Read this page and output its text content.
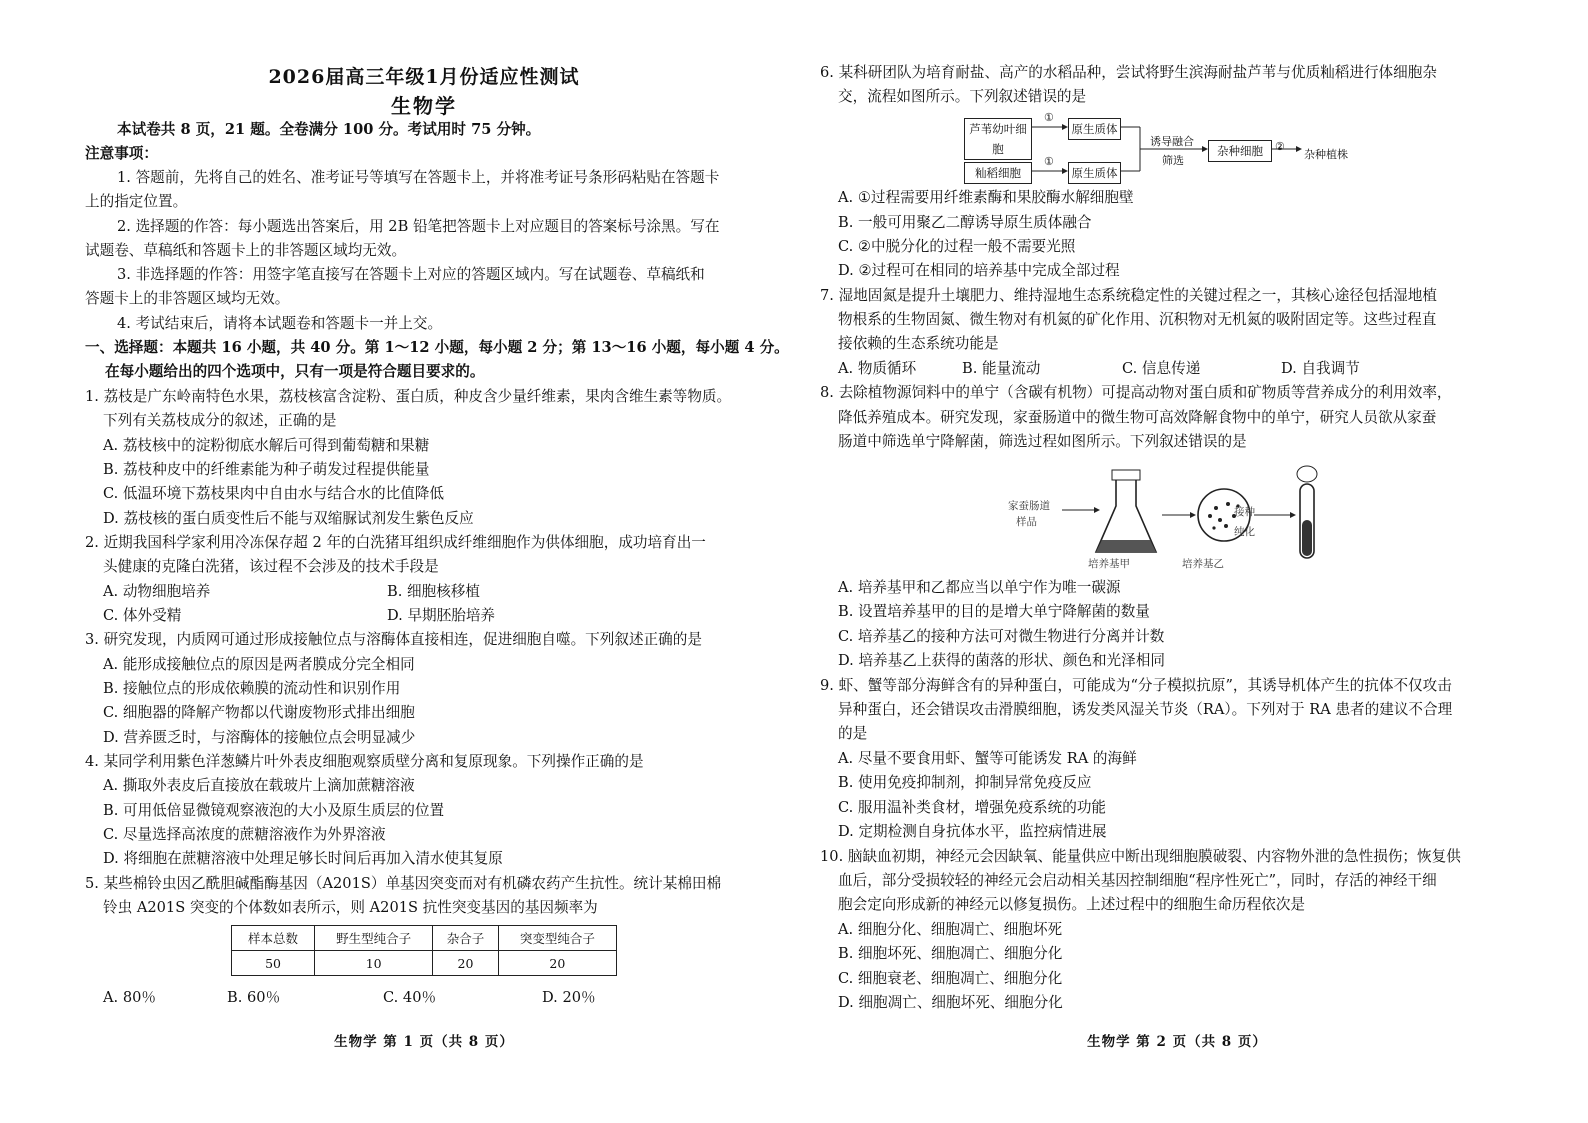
2026届高三年级1月份适应性测试
生物学
本试卷共 8 页，21 题。全卷满分 100 分。考试用时 75 分钟。
注意事项：
1. 答题前，先将自己的姓名、准考证号等填写在答题卡上，并将准考证号条形码粘贴在答题卡
上的指定位置。
2. 选择题的作答：每小题选出答案后，用 2B 铅笔把答题卡上对应题目的答案标号涂黑。写在
试题卷、草稿纸和答题卡上的非答题区域均无效。
3. 非选择题的作答：用签字笔直接写在答题卡上对应的答题区域内。写在试题卷、草稿纸和
答题卡上的非答题区域均无效。
4. 考试结束后，请将本试题卷和答题卡一并上交。
一、选择题：本题共 16 小题，共 40 分。第 1～12 小题，每小题 2 分；第 13～16 小题，每小题 4 分。
在每小题给出的四个选项中，只有一项是符合题目要求的。
1. 荔枝是广东岭南特色水果，荔枝核富含淀粉、蛋白质，种皮含少量纤维素，果肉含维生素等物质。
下列有关荔枝成分的叙述，正确的是
A. 荔枝核中的淀粉彻底水解后可得到葡萄糖和果糖
B. 荔枝种皮中的纤维素能为种子萌发过程提供能量
C. 低温环境下荔枝果肉中自由水与结合水的比值降低
D. 荔枝核的蛋白质变性后不能与双缩脲试剂发生紫色反应
2. 近期我国科学家利用冷冻保存超 2 年的白洗猪耳组织成纤维细胞作为供体细胞，成功培育出一
头健康的克隆白洗猪，该过程不会涉及的技术手段是
A. 动物细胞培养	B. 细胞核移植
C. 体外受精	D. 早期胚胎培养
3. 研究发现，内质网可通过形成接触位点与溶酶体直接相连，促进细胞自噬。下列叙述正确的是
A. 能形成接触位点的原因是两者膜成分完全相同
B. 接触位点的形成依赖膜的流动性和识别作用
C. 细胞器的降解产物都以代谢废物形式排出细胞
D. 营养匮乏时，与溶酶体的接触位点会明显减少
4. 某同学利用紫色洋葱鳞片叶外表皮细胞观察质壁分离和复原现象。下列操作正确的是
A. 撕取外表皮后直接放在载玻片上滴加蔗糖溶液
B. 可用低倍显微镜观察液泡的大小及原生质层的位置
C. 尽量选择高浓度的蔗糖溶液作为外界溶液
D. 将细胞在蔗糖溶液中处理足够长时间后再加入清水使其复原
5. 某些棉铃虫因乙酰胆碱酯酶基因（A201S）单基因突变而对有机磷农药产生抗性。统计某棉田棉
铃虫 A201S 突变的个体数如表所示，则 A201S 抗性突变基因的基因频率为
样本总数	野生型纯合子	杂合子	突变型纯合子
50	10	20	20
A. 80％	B. 60％	C. 40％	D. 20％
生物学 第 1 页（共 8 页）
6. 某科研团队为培育耐盐、高产的水稻品种，尝试将野生滨海耐盐芦苇与优质籼稻进行体细胞杂
交，流程如图所示。下列叙述错误的是
芦苇幼叶细胞
籼稻细胞
①
①
原生质体
原生质体
诱导融合
筛选
杂种细胞	②
杂种植株
A. ①过程需要用纤维素酶和果胶酶水解细胞壁
B. 一般可用聚乙二醇诱导原生质体融合
C. ②中脱分化的过程一般不需要光照
D. ②过程可在相同的培养基中完成全部过程
7. 湿地固氮是提升土壤肥力、维持湿地生态系统稳定性的关键过程之一，其核心途径包括湿地植
物根系的生物固氮、微生物对有机氮的矿化作用、沉积物对无机氮的吸附固定等。这些过程直
接依赖的生态系统功能是
A. 物质循环	B. 能量流动	C. 信息传递	D. 自我调节
8. 去除植物源饲料中的单宁（含碳有机物）可提高动物对蛋白质和矿物质等营养成分的利用效率，
降低养殖成本。研究发现，家蚕肠道中的微生物可高效降解食物中的单宁，研究人员欲从家蚕
肠道中筛选单宁降解菌，筛选过程如图所示。下列叙述错误的是
家蚕肠道
样品
接种
纯化
培养基甲	培养基乙
A. 培养基甲和乙都应当以单宁作为唯一碳源
B. 设置培养基甲的目的是增大单宁降解菌的数量
C. 培养基乙的接种方法可对微生物进行分离并计数
D. 培养基乙上获得的菌落的形状、颜色和光泽相同
9. 虾、蟹等部分海鲜含有的异种蛋白，可能成为“分子模拟抗原”，其诱导机体产生的抗体不仅攻击
异种蛋白，还会错误攻击滑膜细胞，诱发类风湿关节炎（RA）。下列对于 RA 患者的建议不合理
的是
A. 尽量不要食用虾、蟹等可能诱发 RA 的海鲜
B. 使用免疫抑制剂，抑制异常免疫反应
C. 服用温补类食材，增强免疫系统的功能
D. 定期检测自身抗体水平，监控病情进展
10. 脑缺血初期，神经元会因缺氧、能量供应中断出现细胞膜破裂、内容物外泄的急性损伤；恢复供
血后，部分受损较轻的神经元会启动相关基因控制细胞“程序性死亡”，同时，存活的神经干细
胞会定向形成新的神经元以修复损伤。上述过程中的细胞生命历程依次是
A. 细胞分化、细胞凋亡、细胞坏死
B. 细胞坏死、细胞凋亡、细胞分化
C. 细胞衰老、细胞凋亡、细胞分化
D. 细胞凋亡、细胞坏死、细胞分化
生物学 第 2 页（共 8 页）
